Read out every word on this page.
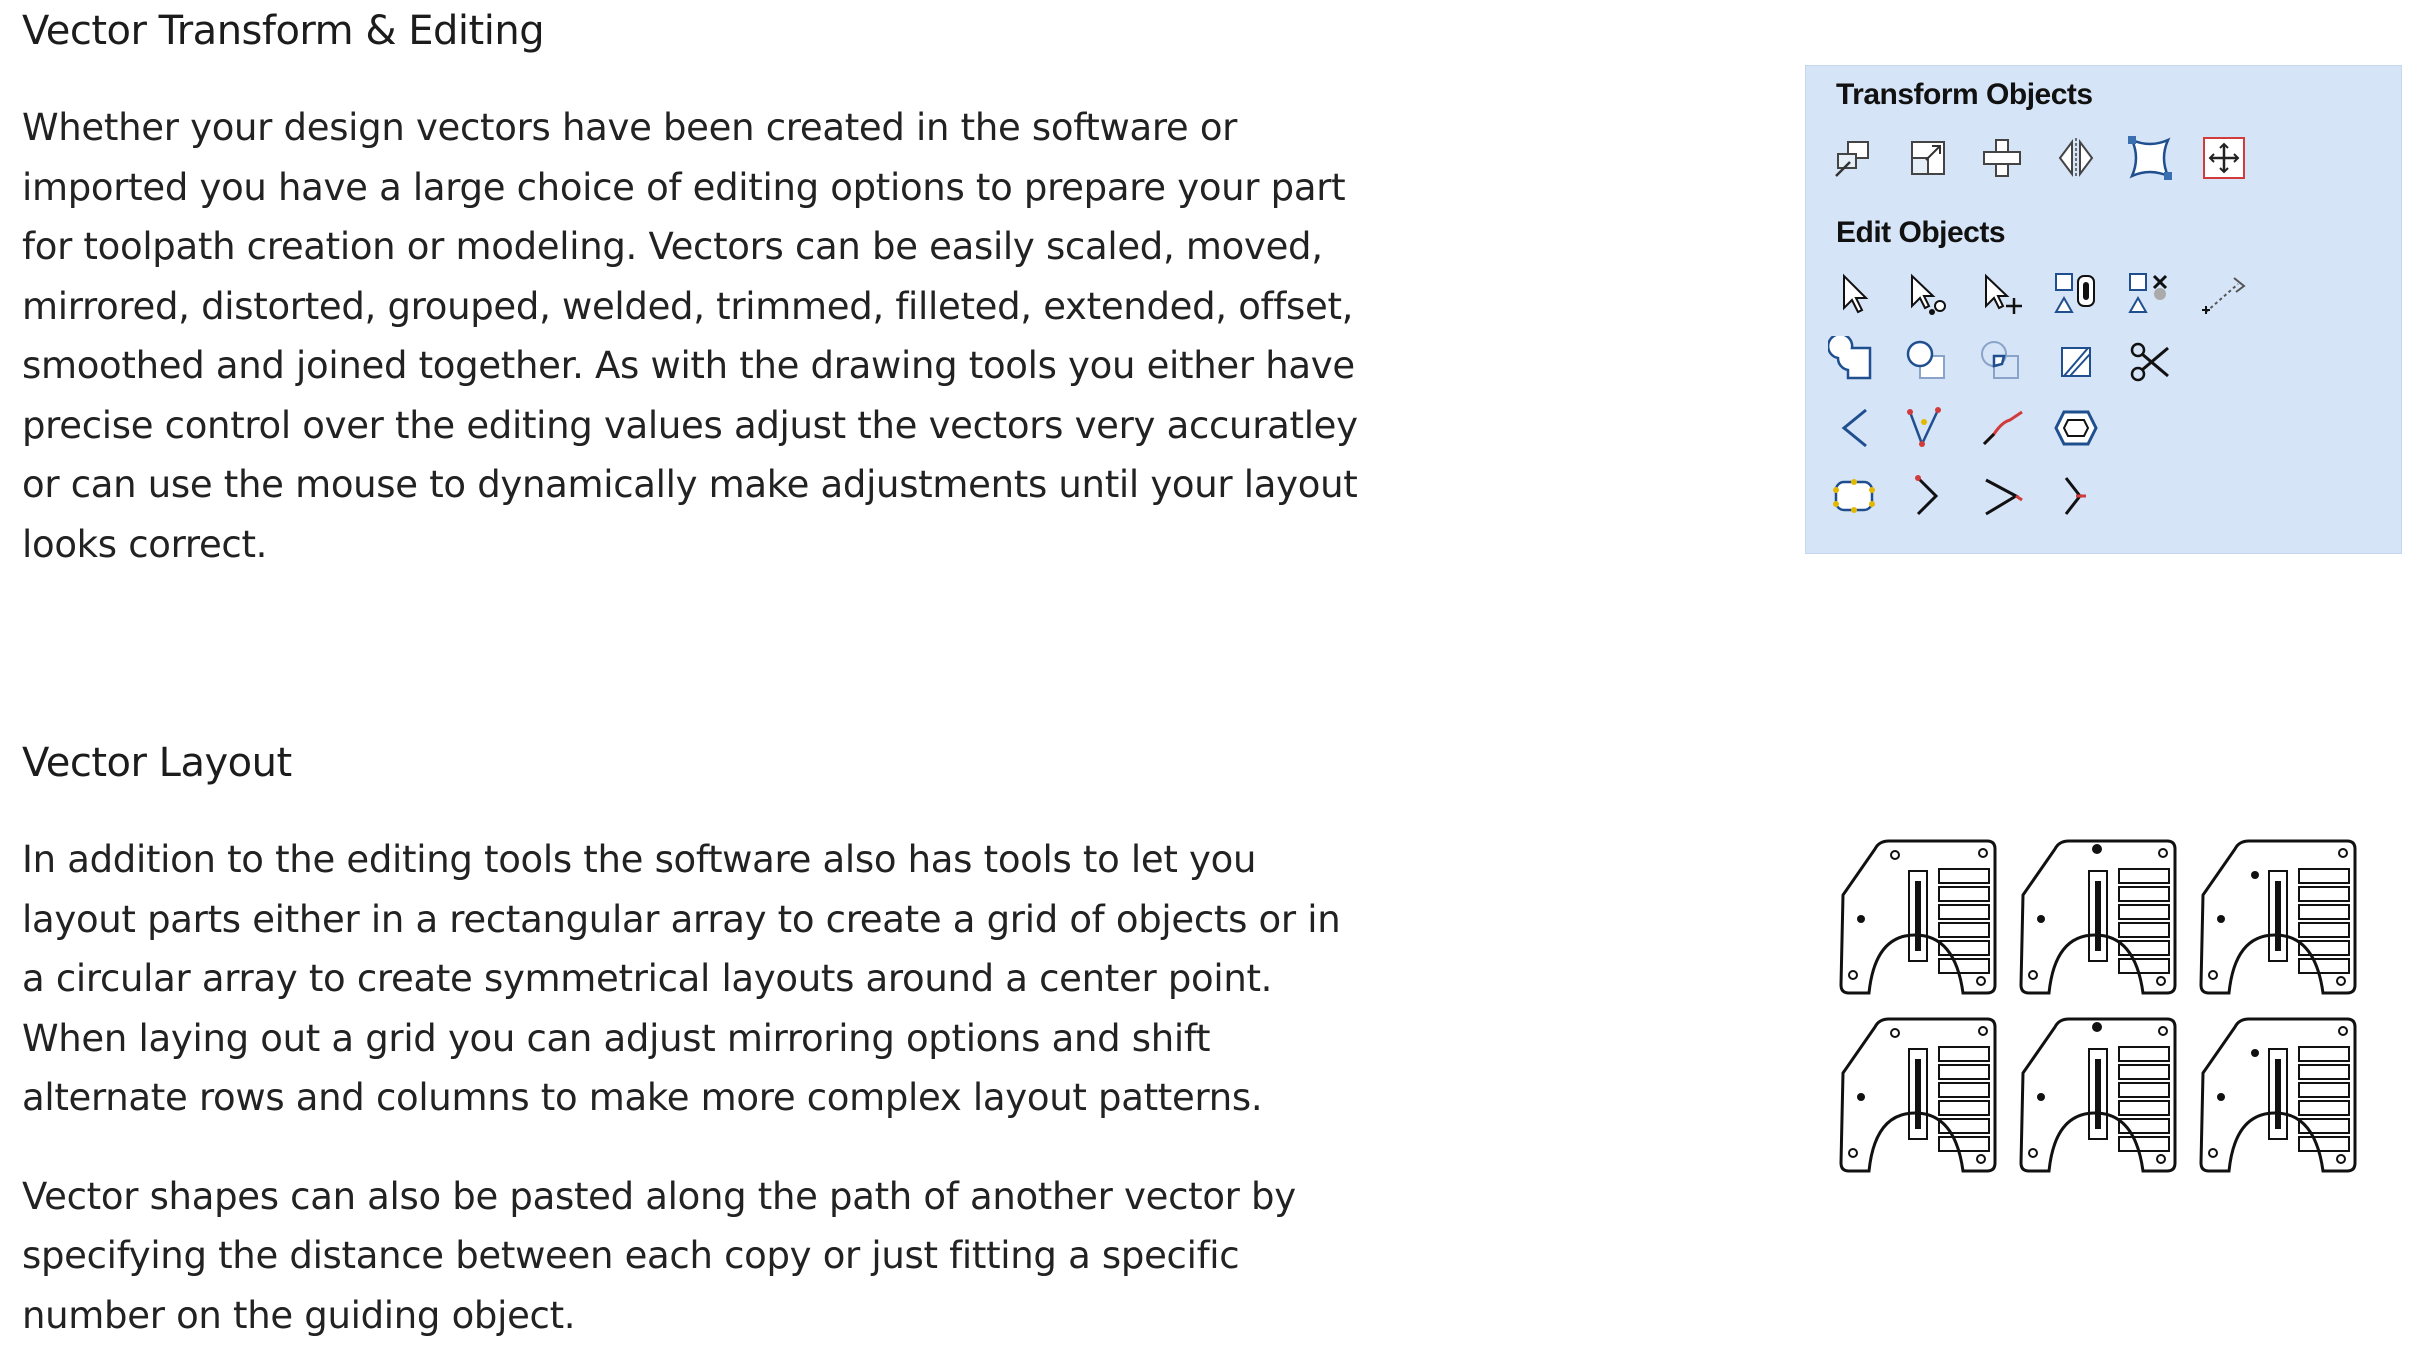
Vector Transform & Editing

Whether your design vectors have been created in the software or imported you have a large choice of editing options to prepare your part for toolpath creation or modeling. Vectors can be easily scaled, moved, mirrored, distorted, grouped, welded, trimmed, filleted, extended, offset, smoothed and joined together. As with the drawing tools you either have precise control over the editing values adjust the vectors very accuratley or can use the mouse to dynamically make adjustments until your layout looks correct.

Vector Layout

In addition to the editing tools the software also has tools to let you layout parts either in a rectangular array to create a grid of objects or in a circular array to create symmetrical layouts around a center point. When laying out a grid you can adjust mirroring options and shift alternate rows and columns to make more complex layout patterns.

Vector shapes can also be pasted along the path of another vector by specifying the distance between each copy or just fitting a specific number on the guiding object.

Transform Objects
Edit Objects
